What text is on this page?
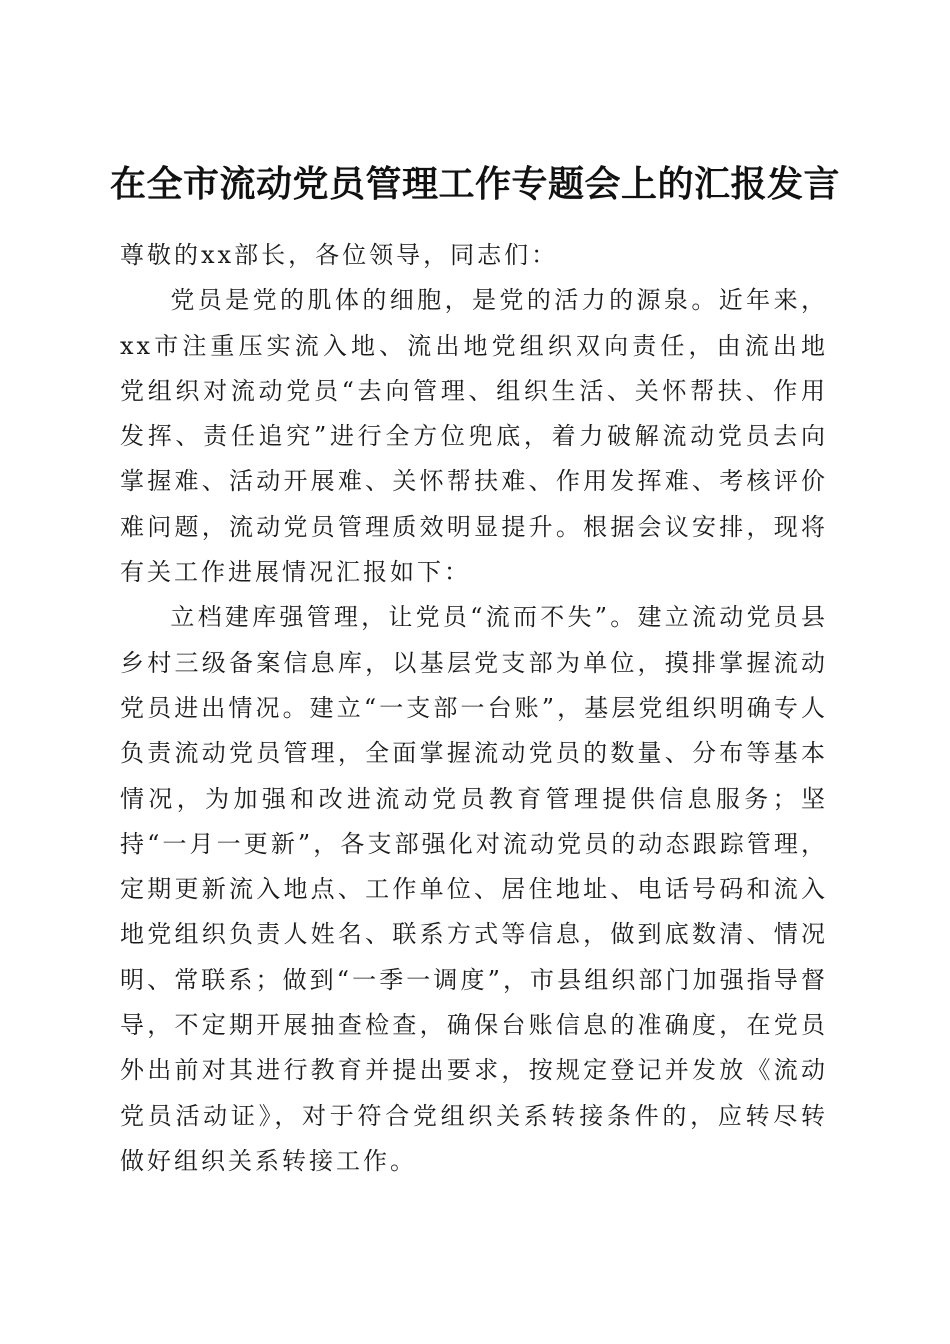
在全市流动党员管理工作专题会上的汇报发言

尊敬的xx部长，各位领导，同志们：

党员是党的肌体的细胞，是党的活力的源泉。近年来，xx市注重压实流入地、流出地党组织双向责任，由流出地党组织对流动党员“去向管理、组织生活、关怀帮扶、作用发挥、责任追究”进行全方位兜底，着力破解流动党员去向掌握难、活动开展难、关怀帮扶难、作用发挥难、考核评价难问题，流动党员管理质效明显提升。根据会议安排，现将有关工作进展情况汇报如下：

立档建库强管理，让党员“流而不失”。建立流动党员县乡村三级备案信息库，以基层党支部为单位，摸排掌握流动党员进出情况。建立“一支部一台账”，基层党组织明确专人负责流动党员管理，全面掌握流动党员的数量、分布等基本情况，为加强和改进流动党员教育管理提供信息服务；坚持“一月一更新”，各支部强化对流动党员的动态跟踪管理，定期更新流入地点、工作单位、居住地址、电话号码和流入地党组织负责人姓名、联系方式等信息，做到底数清、情况明、常联系；做到“一季一调度”，市县组织部门加强指导督导，不定期开展抽查检查，确保台账信息的准确度，在党员外出前对其进行教育并提出要求，按规定登记并发放《流动党员活动证》，对于符合党组织关系转接条件的，应转尽转做好组织关系转接工作。
